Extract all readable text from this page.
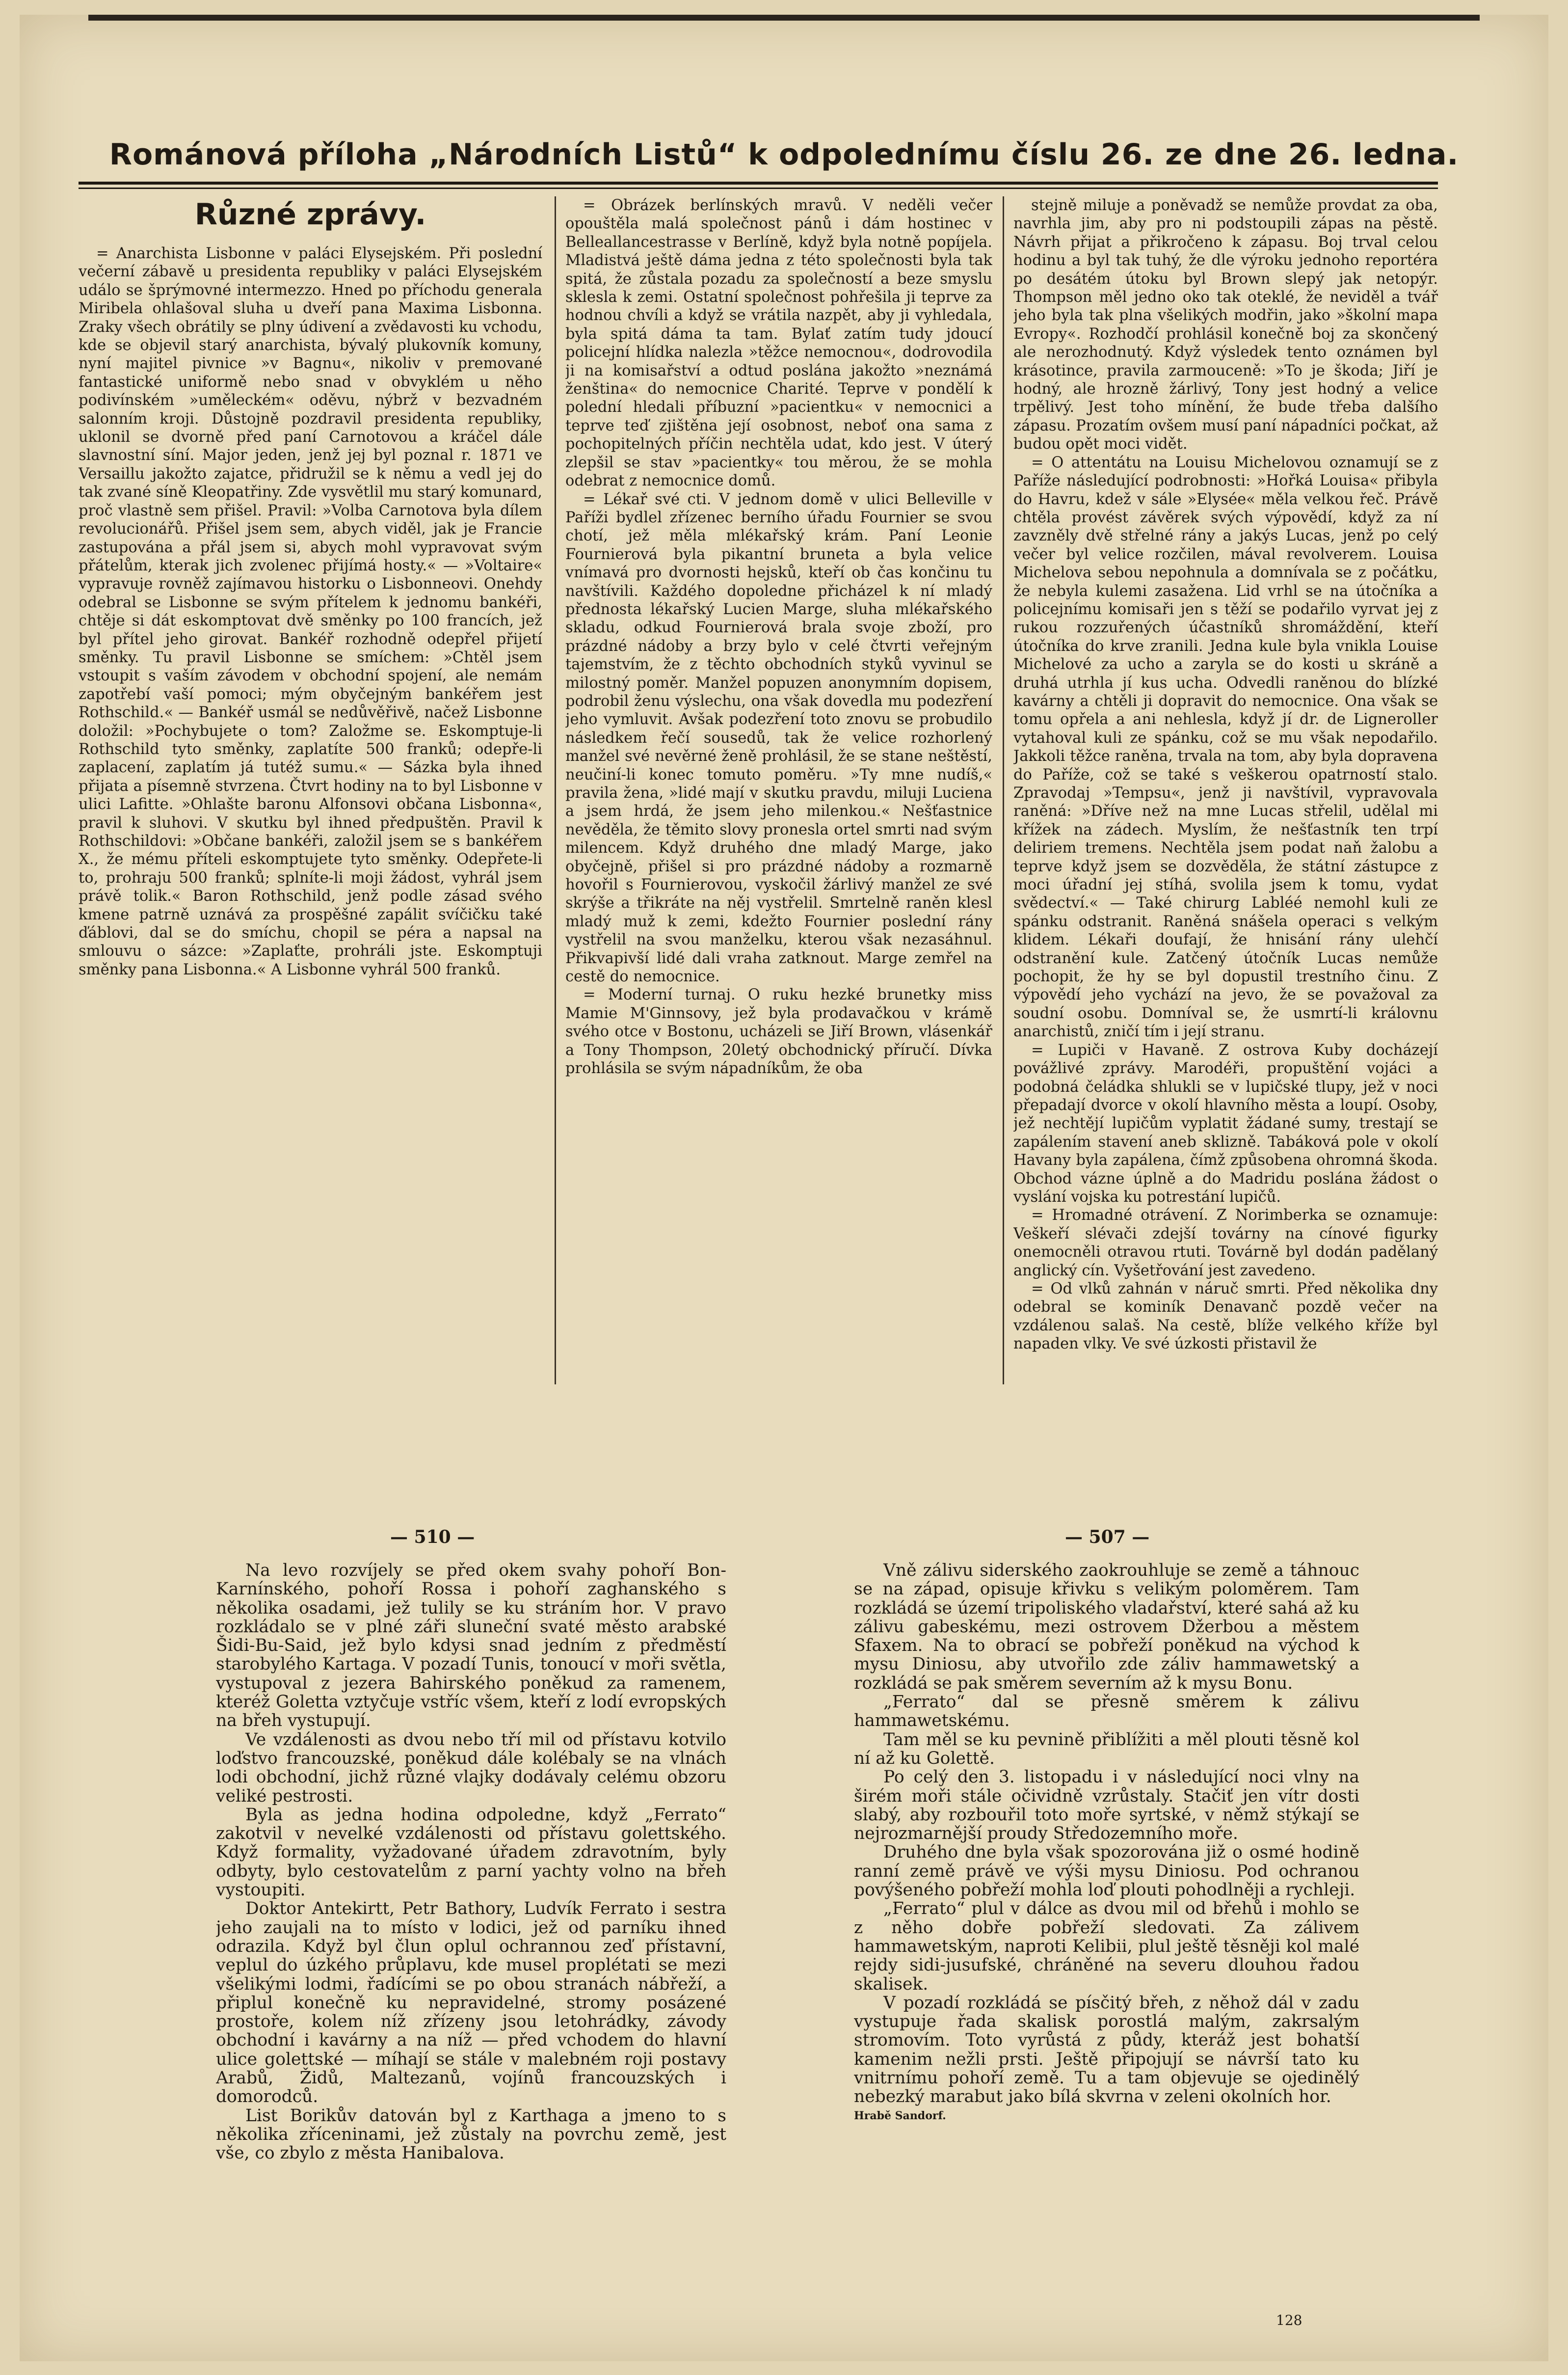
Románová příloha „Národních Listů“ k odpolednímu číslu 26. ze dne 26. ledna.
Různé zprávy.

= Anarchista Lisbonne v paláci Elysejském. Při poslední večerní zábavě u presidenta republiky v paláci Elysejském událo se šprýmovné intermezzo. Hned po příchodu generala Miribela ohlašoval sluha u dveří pana Maxima Lisbonna. Zraky všech obrátily se plny údivení a zvědavosti ku vchodu, kde se objevil starý anarchista, bývalý plukovník komuny, nyní majitel pivnice »v Bagnu«, nikoliv v premované fantastické uniformě nebo snad v obvyklém u něho podivínském »uměleckém« oděvu, nýbrž v bezvadném salonním kroji. Důstojně pozdravil presidenta republiky, uklonil se dvorně před paní Carnotovou a kráčel dále slavnostní síní. Major jeden, jenž jej byl poznal r. 1871 ve Versaillu jakožto zajatce, přidružil se k němu a vedl jej do tak zvané síně Kleopatřiny. Zde vysvětlil mu starý komunard, proč vlastně sem přišel. Pravil: »Volba Carnotova byla dílem revolucionářů. Přišel jsem sem, abych viděl, jak je Francie zastupována a přál jsem si, abych mohl vypravovat svým přátelům, kterak jich zvolenec přijímá hosty.« — »Voltaire« vypravuje rovněž zajímavou historku o Lisbonneovi. Onehdy odebral se Lisbonne se svým přítelem k jednomu bankéři, chtěje si dát eskomptovat dvě směnky po 100 francích, jež byl přítel jeho girovat. Bankéř rozhodně odepřel přijetí směnky. Tu pravil Lisbonne se smíchem: »Chtěl jsem vstoupit s vaším závodem v obchodní spojení, ale nemám zapotřebí vaší pomoci; mým obyčejným bankéřem jest Rothschild.« — Bankéř usmál se nedůvěřivě, načež Lisbonne doložil: »Pochybujete o tom? Založme se. Eskomptuje-li Rothschild tyto směnky, zaplatíte 500 franků; odepře-li zaplacení, zaplatím já tutéž sumu.« — Sázka byla ihned přijata a písemně stvrzena. Čtvrt hodiny na to byl Lisbonne v ulici Lafitte. »Ohlašte baronu Alfonsovi občana Lisbonna«, pravil k sluhovi. V skutku byl ihned předpuštěn. Pravil k Rothschildovi: »Občane bankéři, založil jsem se s bankéřem X., že mému příteli eskomptujete tyto směnky. Odepřete-li to, prohraju 500 franků; splníte-li moji žádost, vyhrál jsem právě tolik.« Baron Rothschild, jenž podle zásad svého kmene patrně uznává za prospěšné zapálit svíčičku také ďáblovi, dal se do smíchu, chopil se péra a napsal na smlouvu o sázce: »Zaplaťte, prohráli jste. Eskomptuji směnky pana Lisbonna.« A Lisbonne vyhrál 500 franků.

= Obrázek berlínských mravů. V neděli večer opouštěla malá společnost pánů i dám hostinec v Belleallancestrasse v Berlíně, když byla notně popíjela. Mladistvá ještě dáma jedna z této společnosti byla tak spitá, že zůstala pozadu za společností a beze smyslu sklesla k zemi. Ostatní společnost pohřešila ji teprve za hodnou chvíli a když se vrátila nazpět, aby ji vyhledala, byla spitá dáma ta tam. Bylať zatím tudy jdoucí policejní hlídka nalezla »těžce nemocnou«, dodrovodila ji na komisařství a odtud poslána jakožto »neznámá ženština« do nemocnice Charité. Teprve v pondělí k polední hledali příbuzní »pacientku« v nemocnici a teprve teď zjištěna její osobnost, neboť ona sama z pochopitelných příčin nechtěla udat, kdo jest. V úterý zlepšil se stav »pacientky« tou měrou, že se mohla odebrat z nemocnice domů.

= Lékař své cti. V jednom domě v ulici Belleville v Paříži bydlel zřízenec berního úřadu Fournier se svou chotí, jež měla mlékařský krám. Paní Leonie Fournierová byla pikantní bruneta a byla velice vnímavá pro dvornosti hejsků, kteří ob čas končinu tu navštívili. Každého dopoledne přicházel k ní mladý přednosta lékařský Lucien Marge, sluha mlékařského skladu, odkud Fournierová brala svoje zboží, pro prázdné nádoby a brzy bylo v celé čtvrti veřejným tajemstvím, že z těchto obchodních styků vyvinul se milostný poměr. Manžel popuzen anonymním dopisem, podrobil ženu výslechu, ona však dovedla mu podezření jeho vymluvit. Avšak podezření toto znovu se probudilo následkem řečí sousedů, tak že velice rozhorlený manžel své nevěrné ženě prohlásil, že se stane neštěstí, neučiní-li konec tomuto poměru. »Ty mne nudíš,« pravila žena, »lidé mají v skutku pravdu, miluji Luciena a jsem hrdá, že jsem jeho milenkou.« Nešťastnice nevěděla, že těmito slovy pronesla ortel smrti nad svým milencem. Když druhého dne mladý Marge, jako obyčejně, přišel si pro prázdné nádoby a rozmarně hovořil s Fournierovou, vyskočil žárlivý manžel ze své skrýše a třikráte na něj vystřelil. Smrtelně raněn klesl mladý muž k zemi, kdežto Fournier poslední rány vystřelil na svou manželku, kterou však nezasáhnul. Přikvapivší lidé dali vraha zatknout. Marge zemřel na cestě do nemocnice.

= Moderní turnaj. O ruku hezké brunetky miss Mamie M'Ginnsovy, jež byla prodavačkou v krámě svého otce v Bostonu, ucházeli se Jiří Brown, vlásenkář a Tony Thompson, 20letý obchodnický příručí. Dívka prohlásila se svým nápadníkům, že oba

stejně miluje a poněvadž se nemůže provdat za oba, navrhla jim, aby pro ni podstoupili zápas na pěstě. Návrh přijat a přikročeno k zápasu. Boj trval celou hodinu a byl tak tuhý, že dle výroku jednoho reportéra po desátém útoku byl Brown slepý jak netopýr. Thompson měl jedno oko tak oteklé, že neviděl a tvář jeho byla tak plna všelikých modřin, jako »školní mapa Evropy«. Rozhodčí prohlásil konečně boj za skončený ale nerozhodnutý. Když výsledek tento oznámen byl krásotince, pravila zarmouceně: »To je škoda; Jiří je hodný, ale hrozně žárlivý, Tony jest hodný a velice trpělivý. Jest toho mínění, že bude třeba dalšího zápasu. Prozatím ovšem musí paní nápadníci počkat, až budou opět moci vidět.

= O attentátu na Louisu Michelovou oznamují se z Paříže následující podrobnosti: »Hořká Louisa« přibyla do Havru, kdež v sále »Elysée« měla velkou řeč. Právě chtěla provést závěrek svých výpovědí, když za ní zavzněly dvě střelné rány a jakýs Lucas, jenž po celý večer byl velice rozčilen, mával revolverem. Louisa Michelova sebou nepohnula a domnívala se z počátku, že nebyla kulemi zasažena. Lid vrhl se na útočníka a policejnímu komisaři jen s těží se podařilo vyrvat jej z rukou rozzuřených účastníků shromáždění, kteří útočníka do krve zranili. Jedna kule byla vnikla Louise Michelové za ucho a zaryla se do kosti u skráně a druhá utrhla jí kus ucha. Odvedli raněnou do blízké kavárny a chtěli ji dopravit do nemocnice. Ona však se tomu opřela a ani nehlesla, když jí dr. de Ligneroller vytahoval kuli ze spánku, což se mu však nepodařilo. Jakkoli těžce raněna, trvala na tom, aby byla dopravena do Paříže, což se také s veškerou opatrností stalo. Zpravodaj »Tempsu«, jenž ji navštívil, vypravovala raněná: »Dříve než na mne Lucas střelil, udělal mi křížek na zádech. Myslím, že nešťastník ten trpí deliriem tremens. Nechtěla jsem podat naň žalobu a teprve když jsem se dozvěděla, že státní zástupce z moci úřadní jej stíhá, svolila jsem k tomu, vydat svědectví.« — Také chirurg Labléé nemohl kuli ze spánku odstranit. Raněná snášela operaci s velkým klidem. Lékaři doufají, že hnisání rány ulehčí odstranění kule. Zatčený útočník Lucas nemůže pochopit, že hy se byl dopustil trestního činu. Z výpovědí jeho vychází na jevo, že se považoval za soudní osobu. Domníval se, že usmrtí-li královnu anarchistů, zničí tím i její stranu.

= Lupiči v Havaně. Z ostrova Kuby docházejí povážlivé zprávy. Marodéři, propuštění vojáci a podobná čeládka shlukli se v lupičské tlupy, jež v noci přepadají dvorce v okolí hlavního města a loupí. Osoby, jež nechtějí lupičům vyplatit žádané sumy, trestají se zapálením stavení aneb sklizně. Tabáková pole v okolí Havany byla zapálena, čímž způsobena ohromná škoda. Obchod vázne úplně a do Madridu poslána žádost o vyslání vojska ku potrestání lupičů.

= Hromadné otrávení. Z Norimberka se oznamuje: Veškeří slévači zdejší továrny na cínové figurky onemocněli otravou rtuti. Továrně byl dodán padělaný anglický cín. Vyšetřování jest zavedeno.

= Od vlků zahnán v náruč smrti. Před několika dny odebral se kominík Denavanč pozdě večer na vzdálenou salaš. Na cestě, blíže velkého kříže byl napaden vlky. Ve své úzkosti přistavil že

— 510 —	— 507 —

Na levo rozvíjely se před okem svahy pohoří Bon-Karnínského, pohoří Rossa i pohoří zaghanského s několika osadami, jež tulily se ku stráním hor. V pravo rozkládalo se v plné záři sluneční svaté město arabské Šidi-Bu-Said, jež bylo kdysi snad jedním z předměstí starobylého Kartaga. V pozadí Tunis, tonoucí v moři světla, vystupoval z jezera Bahirského poněkud za ramenem, kteréž Goletta vztyčuje vstříc všem, kteří z lodí evropských na břeh vystupují.

Ve vzdálenosti as dvou nebo tří mil od přístavu kotvilo loďstvo francouzské, poněkud dále kolébaly se na vlnách lodi obchodní, jichž různé vlajky dodávaly celému obzoru veliké pestrosti.

Byla as jedna hodina odpoledne, když „Ferrato“ zakotvil v nevelké vzdálenosti od přístavu golettského. Když formality, vyžadované úřadem zdravotním, byly odbyty, bylo cestovatelům z parní yachty volno na břeh vystoupiti.

Doktor Antekirtt, Petr Bathory, Ludvík Ferrato i sestra jeho zaujali na to místo v lodici, jež od parníku ihned odrazila. Když byl člun oplul ochrannou zeď přístavní, veplul do úzkého průplavu, kde musel proplétati se mezi všelikými lodmi, řadícími se po obou stranách nábřeží, a připlul konečně ku nepravidelné, stromy posázené prostoře, kolem níž zřízeny jsou letohrádky, závody obchodní i kavárny a na níž — před vchodem do hlavní ulice golettské — míhají se stále v malebném roji postavy Arabů, Židů, Maltezanů, vojínů francouzských i domorodců.

List Borikův datován byl z Karthaga a jmeno to s několika zříceninami, jež zůstaly na povrchu země, jest vše, co zbylo z města Hanibalova.

Vně zálivu siderského zaokrouhluje se země a táhnouc se na západ, opisuje křivku s velikým poloměrem. Tam rozkládá se území tripoliského vladařství, které sahá až ku zálivu gabeskému, mezi ostrovem Džerbou a městem Sfaxem. Na to obrací se pobřeží poněkud na východ k mysu Diniosu, aby utvořilo zde záliv hammawetský a rozkládá se pak směrem severním až k mysu Bonu.

„Ferrato“ dal se přesně směrem k zálivu hammawetskému.

Tam měl se ku pevnině přiblížiti a měl plouti těsně kol ní až ku Golettě.

Po celý den 3. listopadu i v následující noci vlny na širém moři stále očividně vzrůstaly. Stačiť jen vítr dosti slabý, aby rozbouřil toto moře syrtské, v němž stýkají se nejrozmarnější proudy Středozemního moře.

Druhého dne byla však spozorována již o osmé hodině ranní země právě ve výši mysu Diniosu. Pod ochranou povýšeného pobřeží mohla loď plouti pohodlněji a rychleji.

„Ferrato“ plul v dálce as dvou mil od břehů i mohlo se z něho dobře pobřeží sledovati. Za zálivem hammawetským, naproti Kelibii, plul ještě těsněji kol malé rejdy sidi-jusufské, chráněné na severu dlouhou řadou skalisek.

V pozadí rozkládá se písčitý břeh, z něhož dál v zadu vystupuje řada skalisk porostlá malým, zakrsalým stromovím. Toto vyrůstá z půdy, kteráž jest bohatší kamenim nežli prsti. Ještě připojují se návrší tato ku vnitrnímu pohoří země. Tu a tam objevuje se ojedinělý nebezký marabut jako bílá skvrna v zeleni okolních hor.

Hrabě Sandorf.

128
